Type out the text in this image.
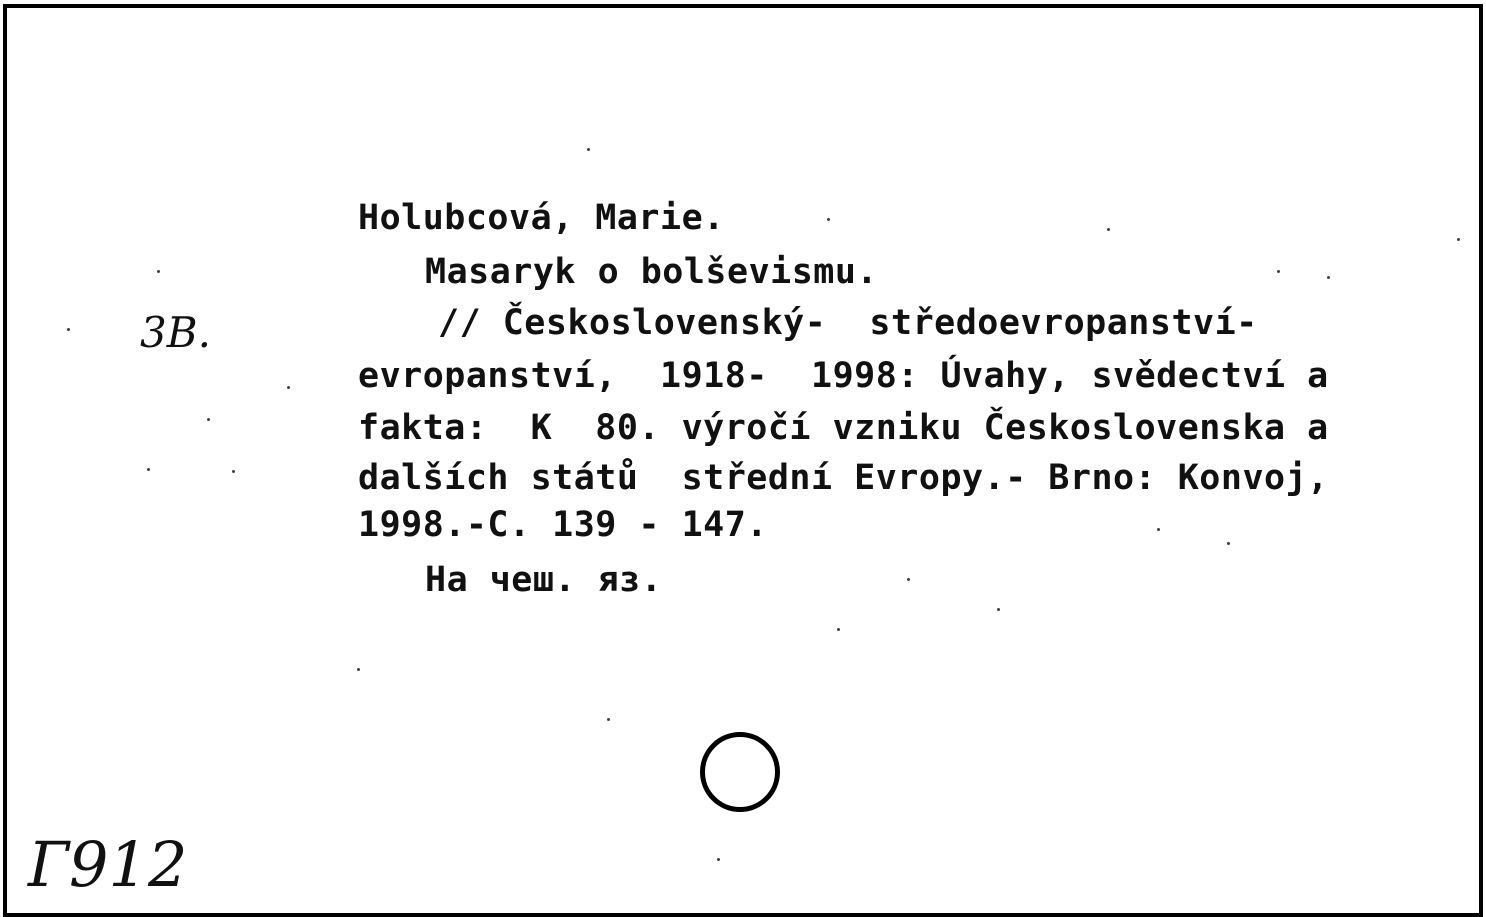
Holubcová, Marie.
Masaryk o bolševismu.
// Československý-  středoevropanství-
evropanství,  1918-  1998: Úvahy, svědectví a
fakta:  K  80. výročí vzniku Československa a
dalších států  střední Evropy.- Brno: Konvoj,
1998.-C. 139 - 147.
На чеш. яз.
3В.
Г912
